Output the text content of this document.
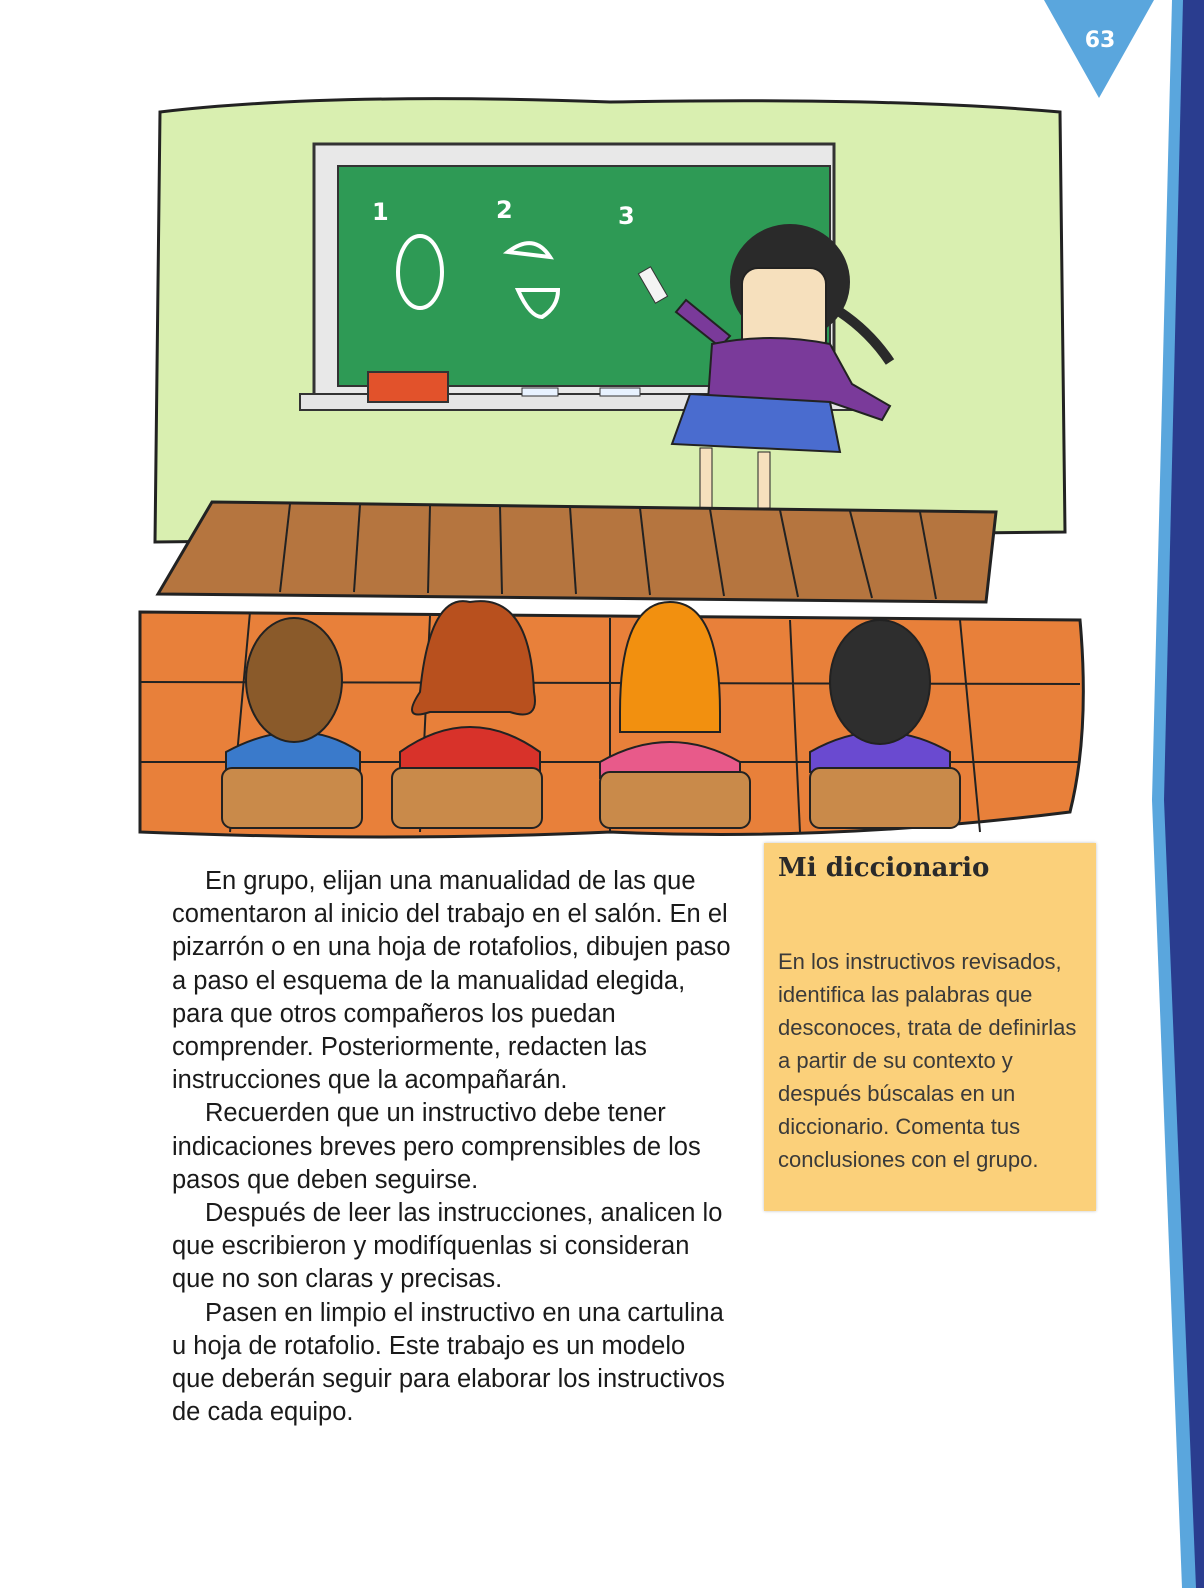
63
1	2	3

En grupo, elijan una manualidad de las que comentaron al inicio del trabajo en el salón. En el pizarrón o en una hoja de rotafolios, dibujen paso a paso el esquema de la manualidad elegida, para que otros compañeros los puedan comprender. Posteriormente, redacten las instrucciones que la acompañarán.

Recuerden que un instructivo debe tener indicaciones breves pero comprensibles de los pasos que deben seguirse.

Después de leer las instrucciones, analicen lo que escribieron y modifíquenlas si consideran que no son claras y precisas.

Pasen en limpio el instructivo en una cartulina u hoja de rotafolio. Este trabajo es un modelo que deberán seguir para elaborar los instructivos de cada equipo.

Mi diccionario
En los instructivos revisados, identifica las palabras que desconoces, trata de definirlas a partir de su contexto y después búscalas en un diccionario. Comenta tus conclusiones con el grupo.
